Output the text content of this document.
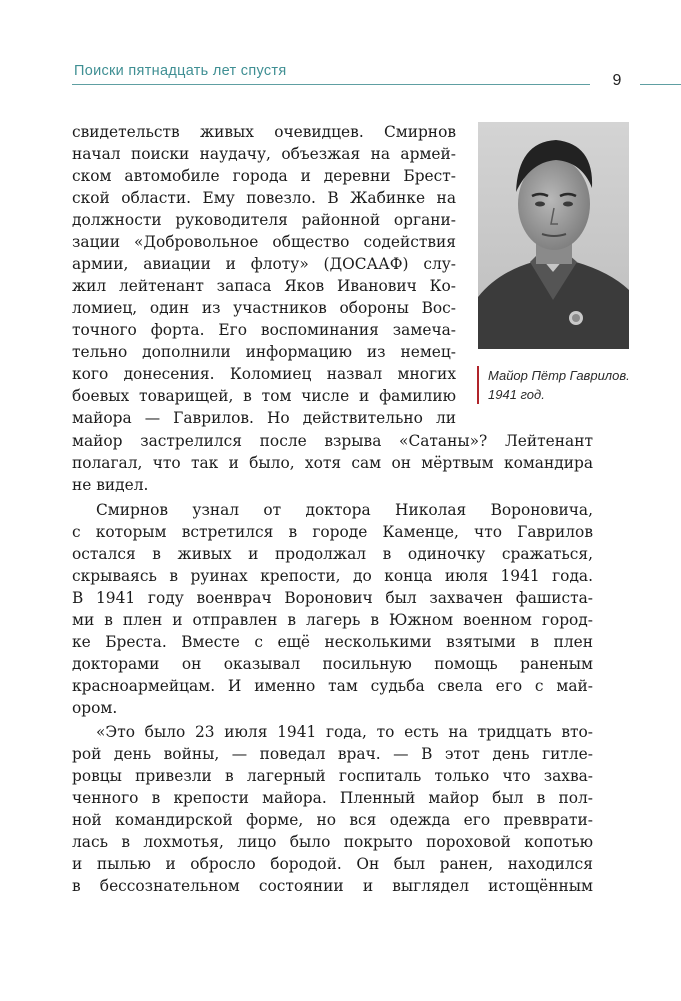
Поиски пятнадцать лет спустя
9
Майор Пётр Гаврилов.
1941 год.
свидетельств живых очевидцев. Смирнов
начал поиски наудачу, объезжая на армей-
ском автомобиле города и деревни Брест-
ской области. Ему повезло. В Жабинке на
должности руководителя районной органи-
зации «Добровольное общество содействия
армии, авиации и флоту» (ДОСААФ) слу-
жил лейтенант запаса Яков Иванович Ко-
ломиец, один из участников обороны Вос-
точного форта. Его воспоминания замеча-
тельно дополнили информацию из немец-
кого донесения. Коломиец назвал многих
боевых товарищей, в том числе и фамилию
майора — Гаврилов. Но действительно ли
майор застрелился после взрыва «Сатаны»? Лейтенант
полагал, что так и было, хотя сам он мёртвым командира
не видел.
Смирнов узнал от доктора Николая Вороновича,
с которым встретился в городе Каменце, что Гаврилов
остался в живых и продолжал в одиночку сражаться,
скрываясь в руинах крепости, до конца июля 1941 года.
В 1941 году военврач Воронович был захвачен фашиста-
ми в плен и отправлен в лагерь в Южном военном город-
ке Бреста. Вместе с ещё несколькими взятыми в плен
докторами он оказывал посильную помощь раненым
красноармейцам. И именно там судьба свела его с май-
ором.
«Это было 23 июля 1941 года, то есть на тридцать вто-
рой день войны, — поведал врач. — В этот день гитле-
ровцы привезли в лагерный госпиталь только что захва-
ченного в крепости майора. Пленный майор был в пол-
ной командирской форме, но вся одежда его превврати-
лась в лохмотья, лицо было покрыто пороховой копотью
и пылью и обросло бородой. Он был ранен, находился
в бессознательном состоянии и выглядел истощённым
